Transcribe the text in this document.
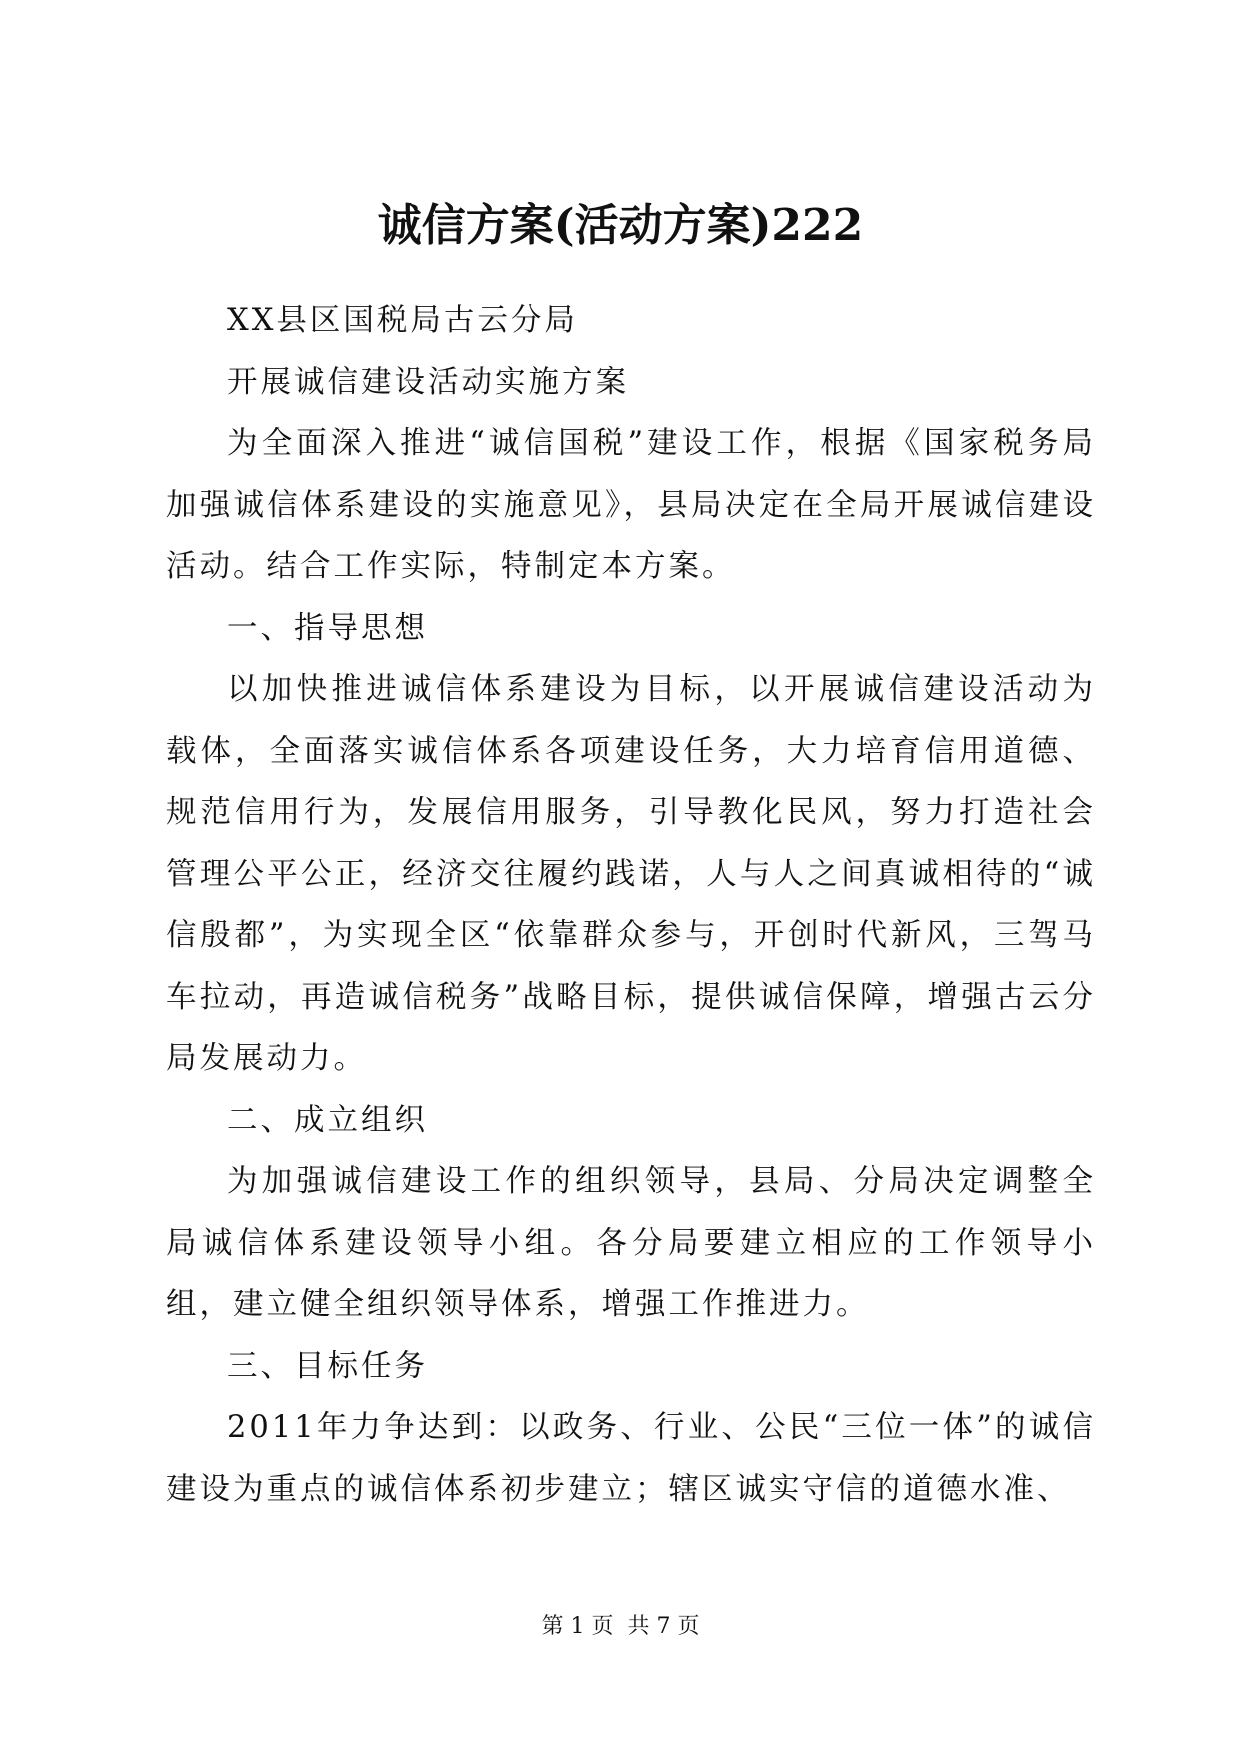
诚信方案(活动方案)222

XX县区国税局古云分局

开展诚信建设活动实施方案

为全面深入推进“诚信国税”建设工作，根据《国家税务局加强诚信体系建设的实施意见》，县局决定在全局开展诚信建设活动。结合工作实际，特制定本方案。

一、指导思想

以加快推进诚信体系建设为目标，以开展诚信建设活动为载体，全面落实诚信体系各项建设任务，大力培育信用道德、规范信用行为，发展信用服务，引导教化民风，努力打造社会管理公平公正，经济交往履约践诺，人与人之间真诚相待的“诚信殷都”，为实现全区“依靠群众参与，开创时代新风，三驾马车拉动，再造诚信税务”战略目标，提供诚信保障，增强古云分局发展动力。

二、成立组织

为加强诚信建设工作的组织领导，县局、分局决定调整全局诚信体系建设领导小组。各分局要建立相应的工作领导小组，建立健全组织领导体系，增强工作推进力。

三、目标任务

2011年力争达到：以政务、行业、公民“三位一体”的诚信建设为重点的诚信体系初步建立；辖区诚实守信的道德水准、

第 1 页  共 7 页
